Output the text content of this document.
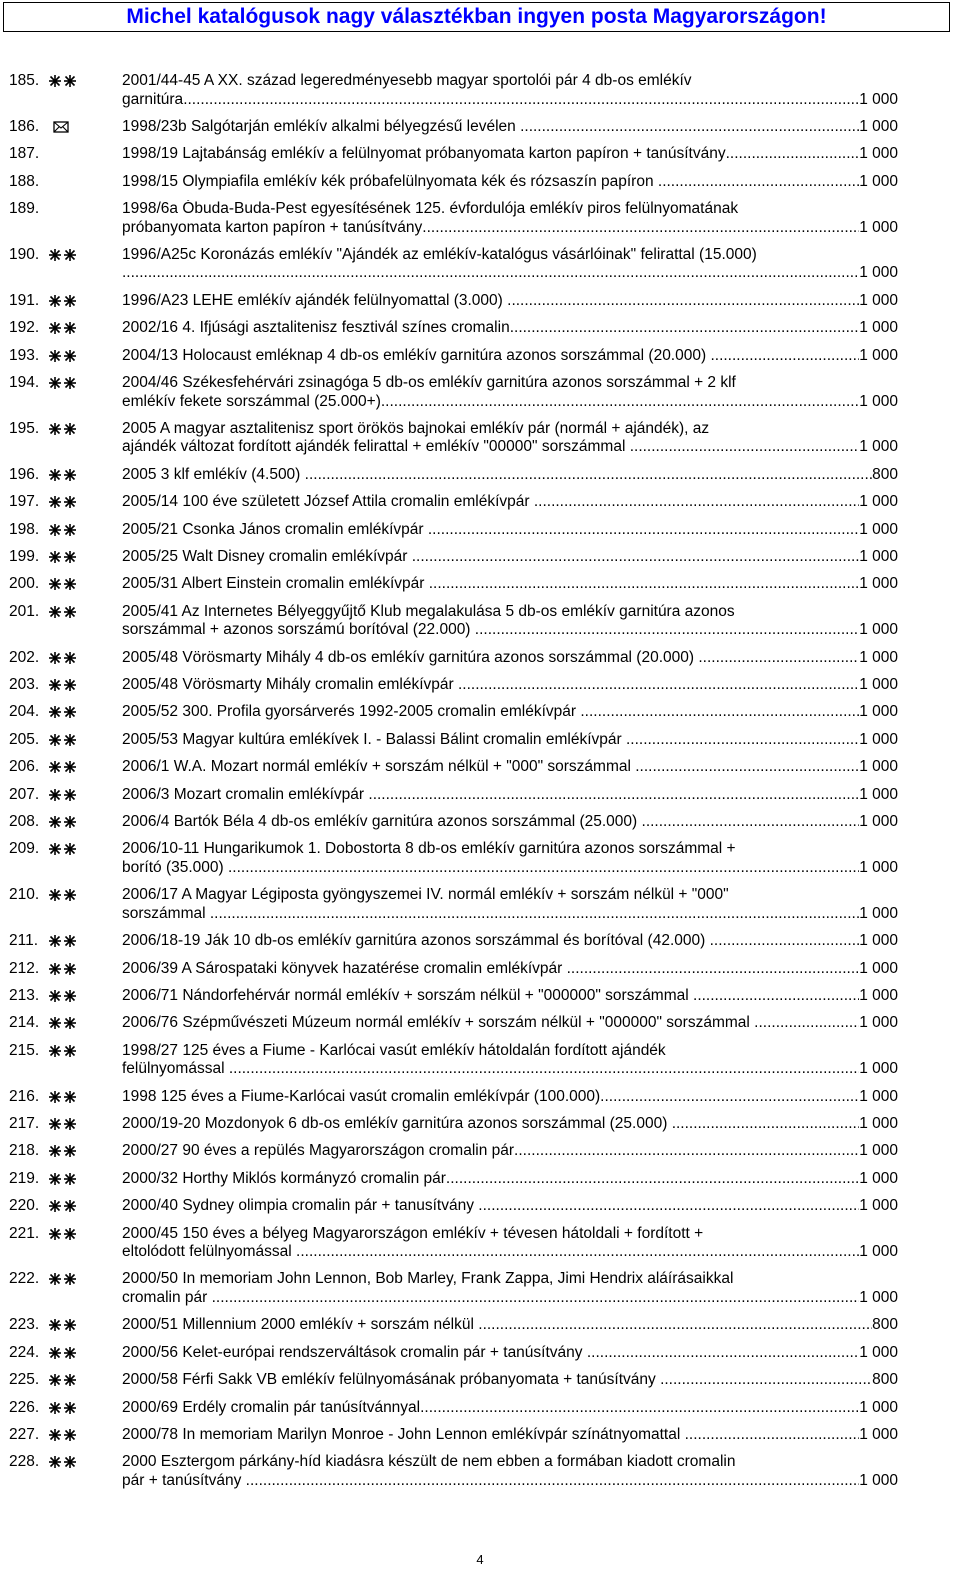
Michel katalógusok nagy választékban ingyen posta Magyarországon!
185.	2001/44-45 A XX. század legeredményesebb magyar sportolói pár 4 db-os emlékív
garnitúra .....	1 000
186.	1998/23b Salgótarján emlékív alkalmi bélyegzésű levélen .....	1 000
187.	1998/19 Lajtabánság emlékív a felülnyomat próbanyomata karton papíron + tanúsítvány .....	1 000
188.	1998/15 Olympiafila emlékív kék próbafelülnyomata kék és rózsaszín papíron .....	1 000
189.	1998/6a Óbuda-Buda-Pest egyesítésének 125. évfordulója emlékív piros felülnyomatának
próbanyomata karton papíron + tanúsítvány .....	1 000
190.	1996/A25c Koronázás emlékív "Ajándék az emlékív-katalógus vásárlóinak" felirattal (15.000)
.....
1 000
191.	1996/A23 LEHE emlékív ajándék felülnyomattal (3.000) .....	1 000
192.	2002/16 4. Ifjúsági asztalitenisz fesztivál színes cromalin .....	1 000
193.	2004/13 Holocaust emléknap 4 db-os emlékív garnitúra azonos sorszámmal (20.000) .....	1 000
194.	2004/46 Székesfehérvári zsinagóga 5 db-os emlékív garnitúra azonos sorszámmal + 2 klf
emlékív fekete sorszámmal (25.000+) .....	1 000
195.	2005 A magyar asztalitenisz sport örökös bajnokai emlékív pár (normál + ajándék), az
ajándék változat fordított ajándék felirattal + emlékív "00000" sorszámmal .....	1 000
196.	2005 3 klf emlékív (4.500) .....	800
197.	2005/14 100 éve született József Attila cromalin emlékívpár .....	1 000
198.	2005/21 Csonka János cromalin emlékívpár .....	1 000
199.	2005/25 Walt Disney cromalin emlékívpár .....	1 000
200.	2005/31 Albert Einstein cromalin emlékívpár .....	1 000
201.	2005/41 Az Internetes Bélyeggyűjtő Klub megalakulása 5 db-os emlékív garnitúra azonos
sorszámmal + azonos sorszámú borítóval (22.000) .....	1 000
202.	2005/48 Vörösmarty Mihály 4 db-os emlékív garnitúra azonos sorszámmal (20.000) .....	1 000
203.	2005/48 Vörösmarty Mihály cromalin emlékívpár .....	1 000
204.	2005/52 300. Profila gyorsárverés 1992-2005 cromalin emlékívpár .....	1 000
205.	2005/53 Magyar kultúra emlékívek I. - Balassi Bálint cromalin emlékívpár .....	1 000
206.	2006/1 W.A. Mozart normál emlékív + sorszám nélkül + "000" sorszámmal .....	1 000
207.	2006/3 Mozart cromalin emlékívpár .....	1 000
208.	2006/4 Bartók Béla 4 db-os emlékív garnitúra azonos sorszámmal (25.000) .....	1 000
209.	2006/10-11 Hungarikumok 1. Dobostorta 8 db-os emlékív garnitúra azonos sorszámmal +
borító (35.000) .....	1 000
210.	2006/17 A Magyar Légiposta gyöngyszemei IV. normál emlékív + sorszám nélkül + "000"
sorszámmal .....	1 000
211.	2006/18-19 Ják 10 db-os emlékív garnitúra azonos sorszámmal és borítóval (42.000) .....	1 000
212.	2006/39 A Sárospataki könyvek hazatérése cromalin emlékívpár .....	1 000
213.	2006/71 Nándorfehérvár normál emlékív + sorszám nélkül + "000000" sorszámmal .....	1 000
214.	2006/76 Szépművészeti Múzeum normál emlékív + sorszám nélkül + "000000" sorszámmal .....	1 000
215.	1998/27 125 éves a Fiume - Karlócai vasút emlékív hátoldalán fordított ajándék
felülnyomással .....	1 000
216.	1998 125 éves a Fiume-Karlócai vasút cromalin emlékívpár (100.000) .....	1 000
217.	2000/19-20 Mozdonyok 6 db-os emlékív garnitúra azonos sorszámmal (25.000) .....	1 000
218.	2000/27 90 éves a repülés Magyarországon cromalin pár .....	1 000
219.	2000/32 Horthy Miklós kormányzó cromalin pár .....	1 000
220.	2000/40 Sydney olimpia cromalin pár + tanusítvány .....	1 000
221.	2000/45 150 éves a bélyeg Magyarországon emlékív + tévesen hátoldali + fordított +
eltolódott felülnyomással .....	1 000
222.	2000/50 In memoriam John Lennon, Bob Marley, Frank Zappa, Jimi Hendrix aláírásaikkal
cromalin pár .....	1 000
223.	2000/51 Millennium 2000 emlékív + sorszám nélkül .....	800
224.	2000/56 Kelet-európai rendszerváltások cromalin pár + tanúsítvány .....	1 000
225.	2000/58 Férfi Sakk VB emlékív felülnyomásának próbanyomata + tanúsítvány .....	800
226.	2000/69 Erdély cromalin pár tanúsítvánnyal .....	1 000
227.	2000/78 In memoriam Marilyn Monroe - John Lennon emlékívpár színátnyomattal .....	1 000
228.	2000 Esztergom párkány-híd kiadásra készült de nem ebben a formában kiadott cromalin
pár + tanúsítvány .....	1 000
4
